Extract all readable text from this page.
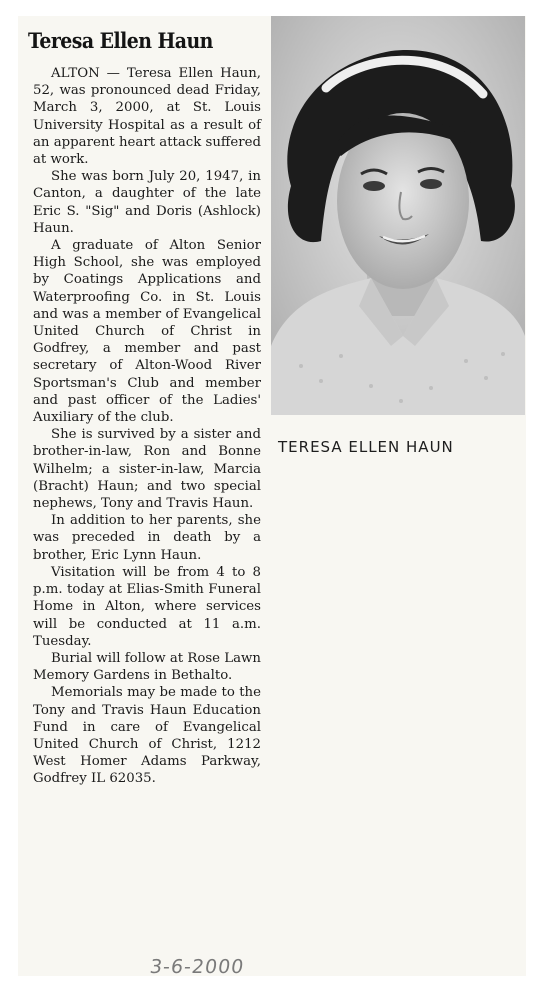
Teresa Ellen Haun

ALTON — Teresa Ellen Haun, 52, was pronounced dead Friday, March 3, 2000, at St. Louis University Hospital as a result of an apparent heart attack suffered at work.

She was born July 20, 1947, in Canton, a daughter of the late Eric S. "Sig" and Doris (Ashlock) Haun.

A graduate of Alton Senior High School, she was employed by Coatings Applications and Waterproofing Co. in St. Louis and was a member of Evangelical United Church of Christ in Godfrey, a member and past secretary of Alton-Wood River Sportsman's Club and member and past officer of the Ladies' Auxiliary of the club.

She is survived by a sister and brother-in-law, Ron and Bonne Wilhelm; a sister-in-law, Marcia (Bracht) Haun; and two special nephews, Tony and Travis Haun.

In addition to her parents, she was preceded in death by a brother, Eric Lynn Haun.

Visitation will be from 4 to 8 p.m. today at Elias-Smith Funeral Home in Alton, where services will be conducted at 11 a.m. Tuesday.

Burial will follow at Rose Lawn Memory Gardens in Bethalto.

Memorials may be made to the Tony and Travis Haun Education Fund in care of Evangelical United Church of Christ, 1212 West Homer Adams Parkway, Godfrey IL 62035.

TERESA ELLEN HAUN
3-6-2000
